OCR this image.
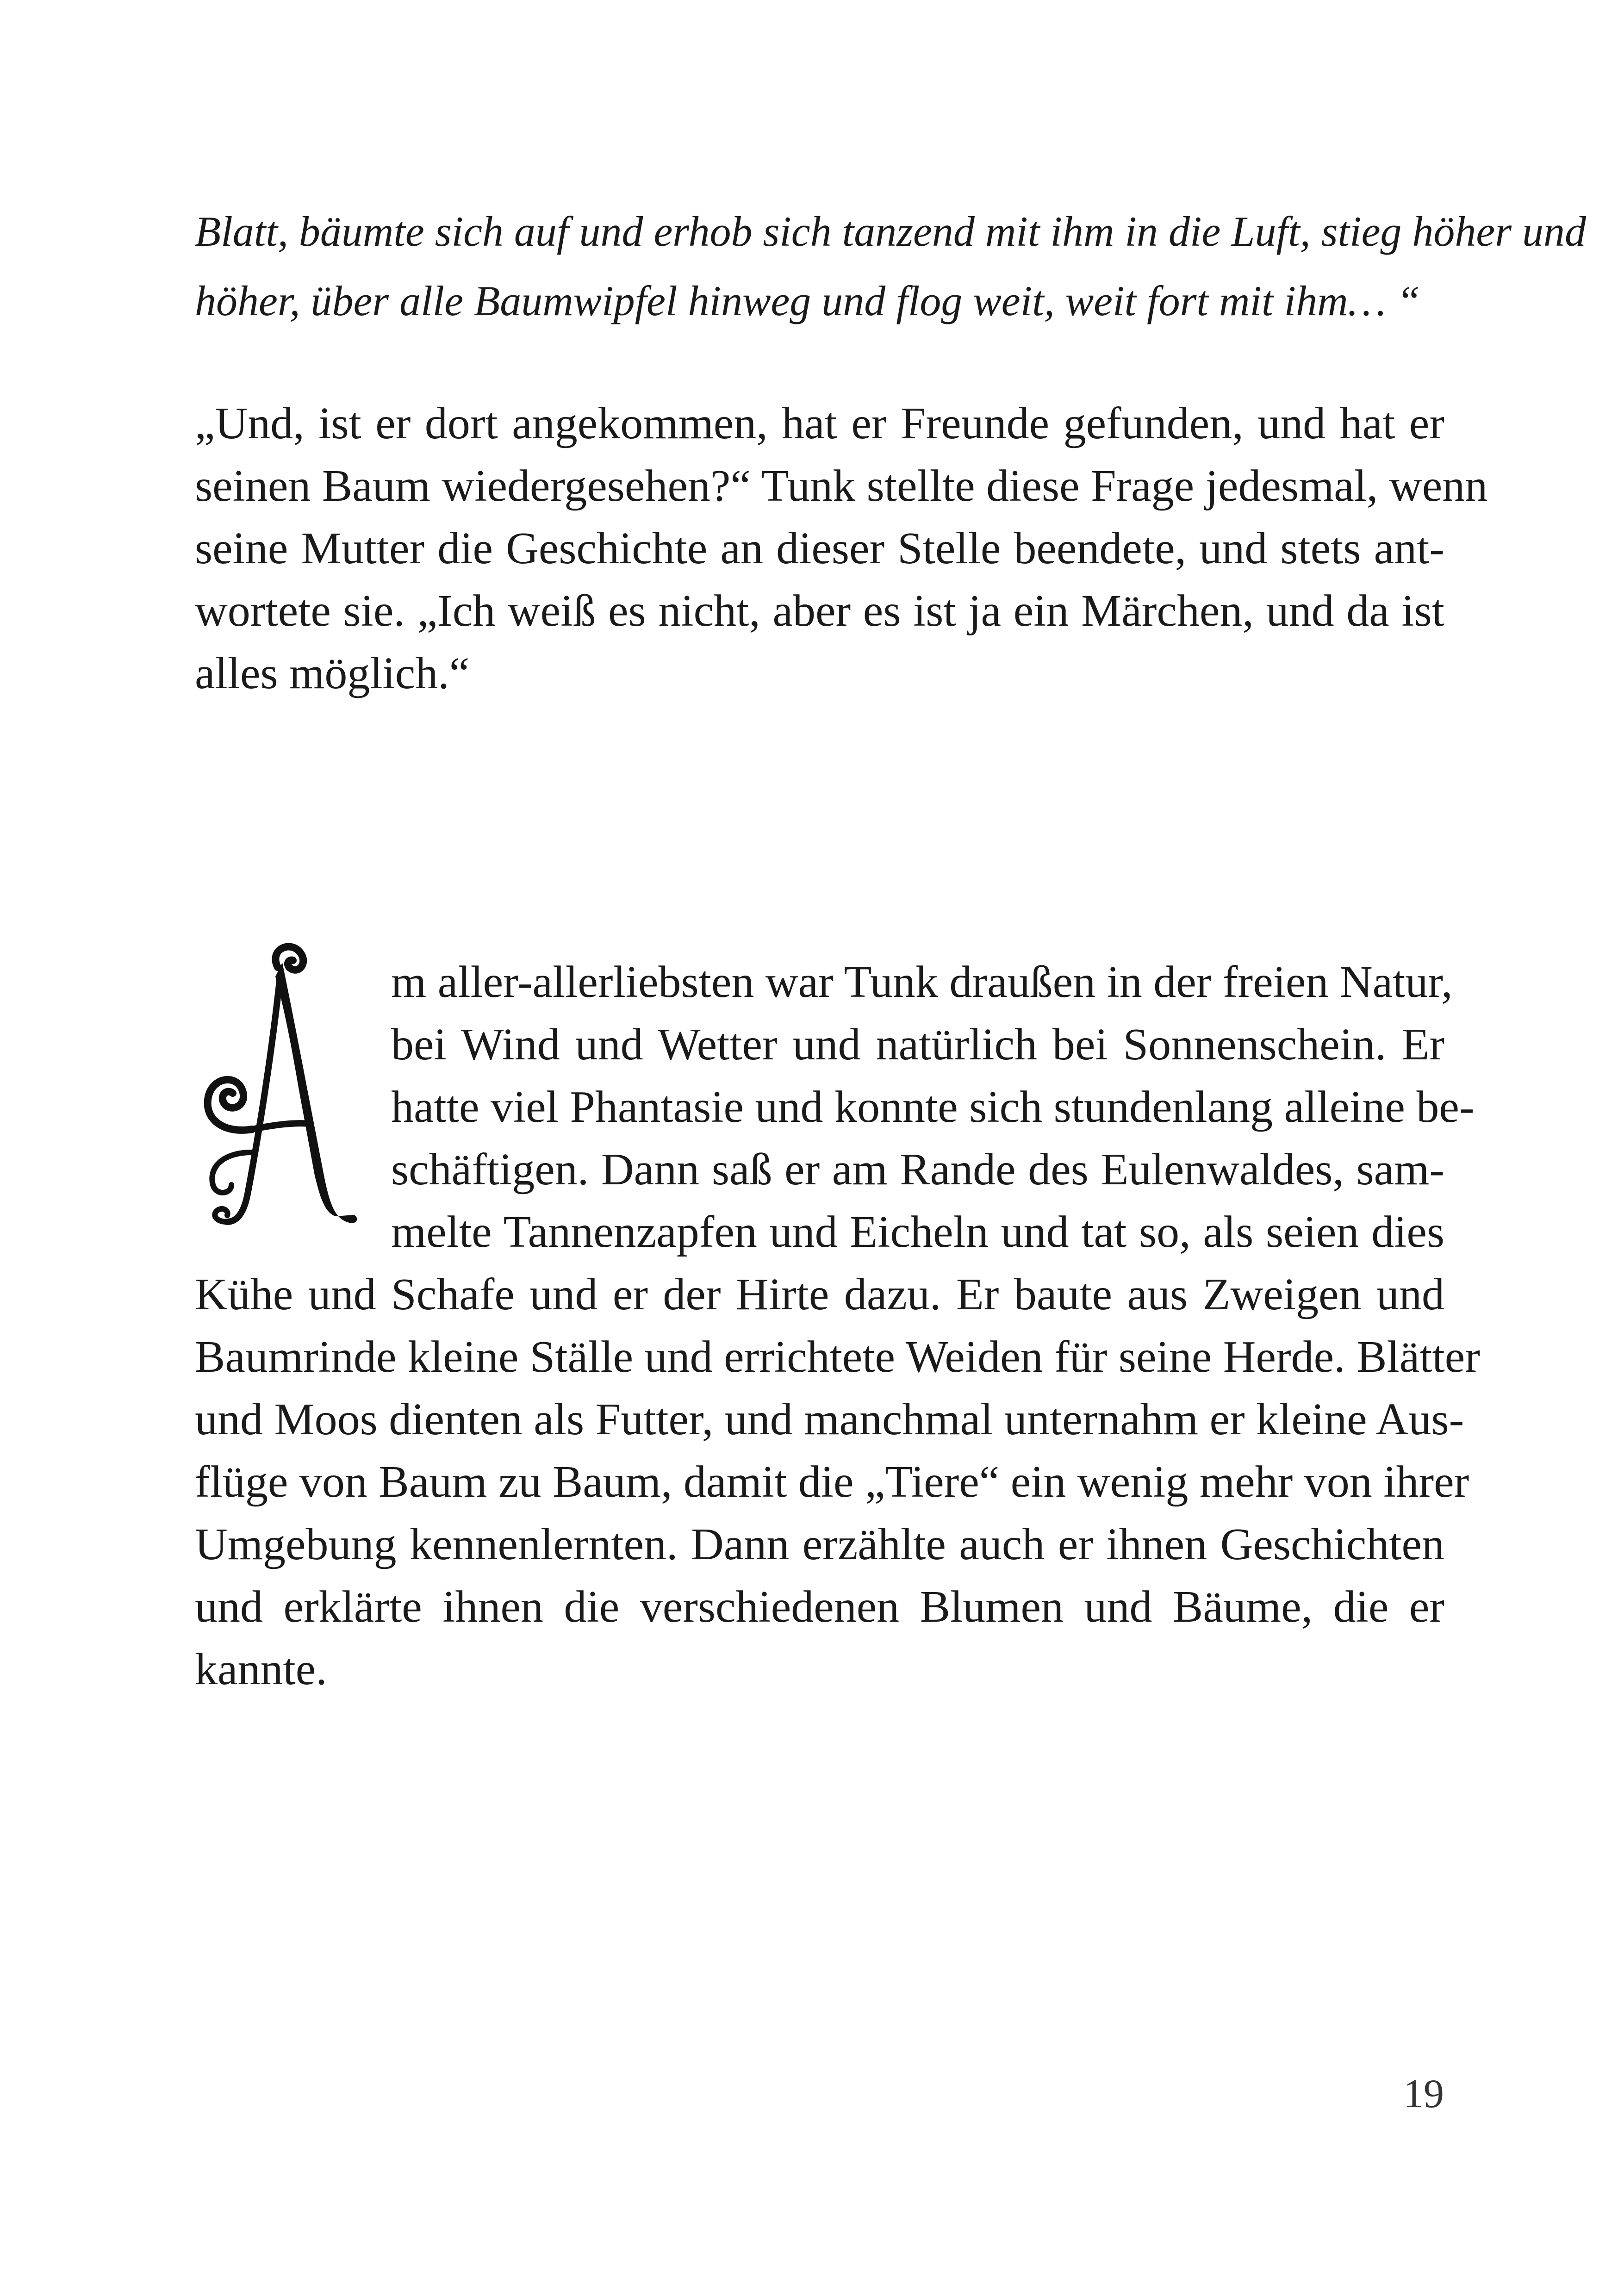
Blatt, bäumte sich auf und erhob sich tanzend mit ihm in die Luft, stieg höher und
höher, über alle Baumwipfel hinweg und flog weit, weit fort mit ihm… “
„Und, ist er dort angekommen, hat er Freunde gefunden, und hat er
seinen Baum wiedergesehen?“ Tunk stellte diese Frage jedesmal, wenn
seine Mutter die Geschichte an dieser Stelle beendete, und stets ant-
wortete sie. „Ich weiß es nicht, aber es ist ja ein Märchen, und da ist
alles möglich.“
m aller-allerliebsten war Tunk draußen in der freien Natur,
bei Wind und Wetter und natürlich bei Sonnenschein. Er
hatte viel Phantasie und konnte sich stundenlang alleine be-
schäftigen. Dann saß er am Rande des Eulenwaldes, sam-
melte Tannenzapfen und Eicheln und tat so, als seien dies
Kühe und Schafe und er der Hirte dazu. Er baute aus Zweigen und
Baumrinde kleine Ställe und errichtete Weiden für seine Herde. Blätter
und Moos dienten als Futter, und manchmal unternahm er kleine Aus-
flüge von Baum zu Baum, damit die „Tiere“ ein wenig mehr von ihrer
Umgebung kennenlernten. Dann erzählte auch er ihnen Geschichten
und erklärte ihnen die verschiedenen Blumen und Bäume, die er
kannte.
19
